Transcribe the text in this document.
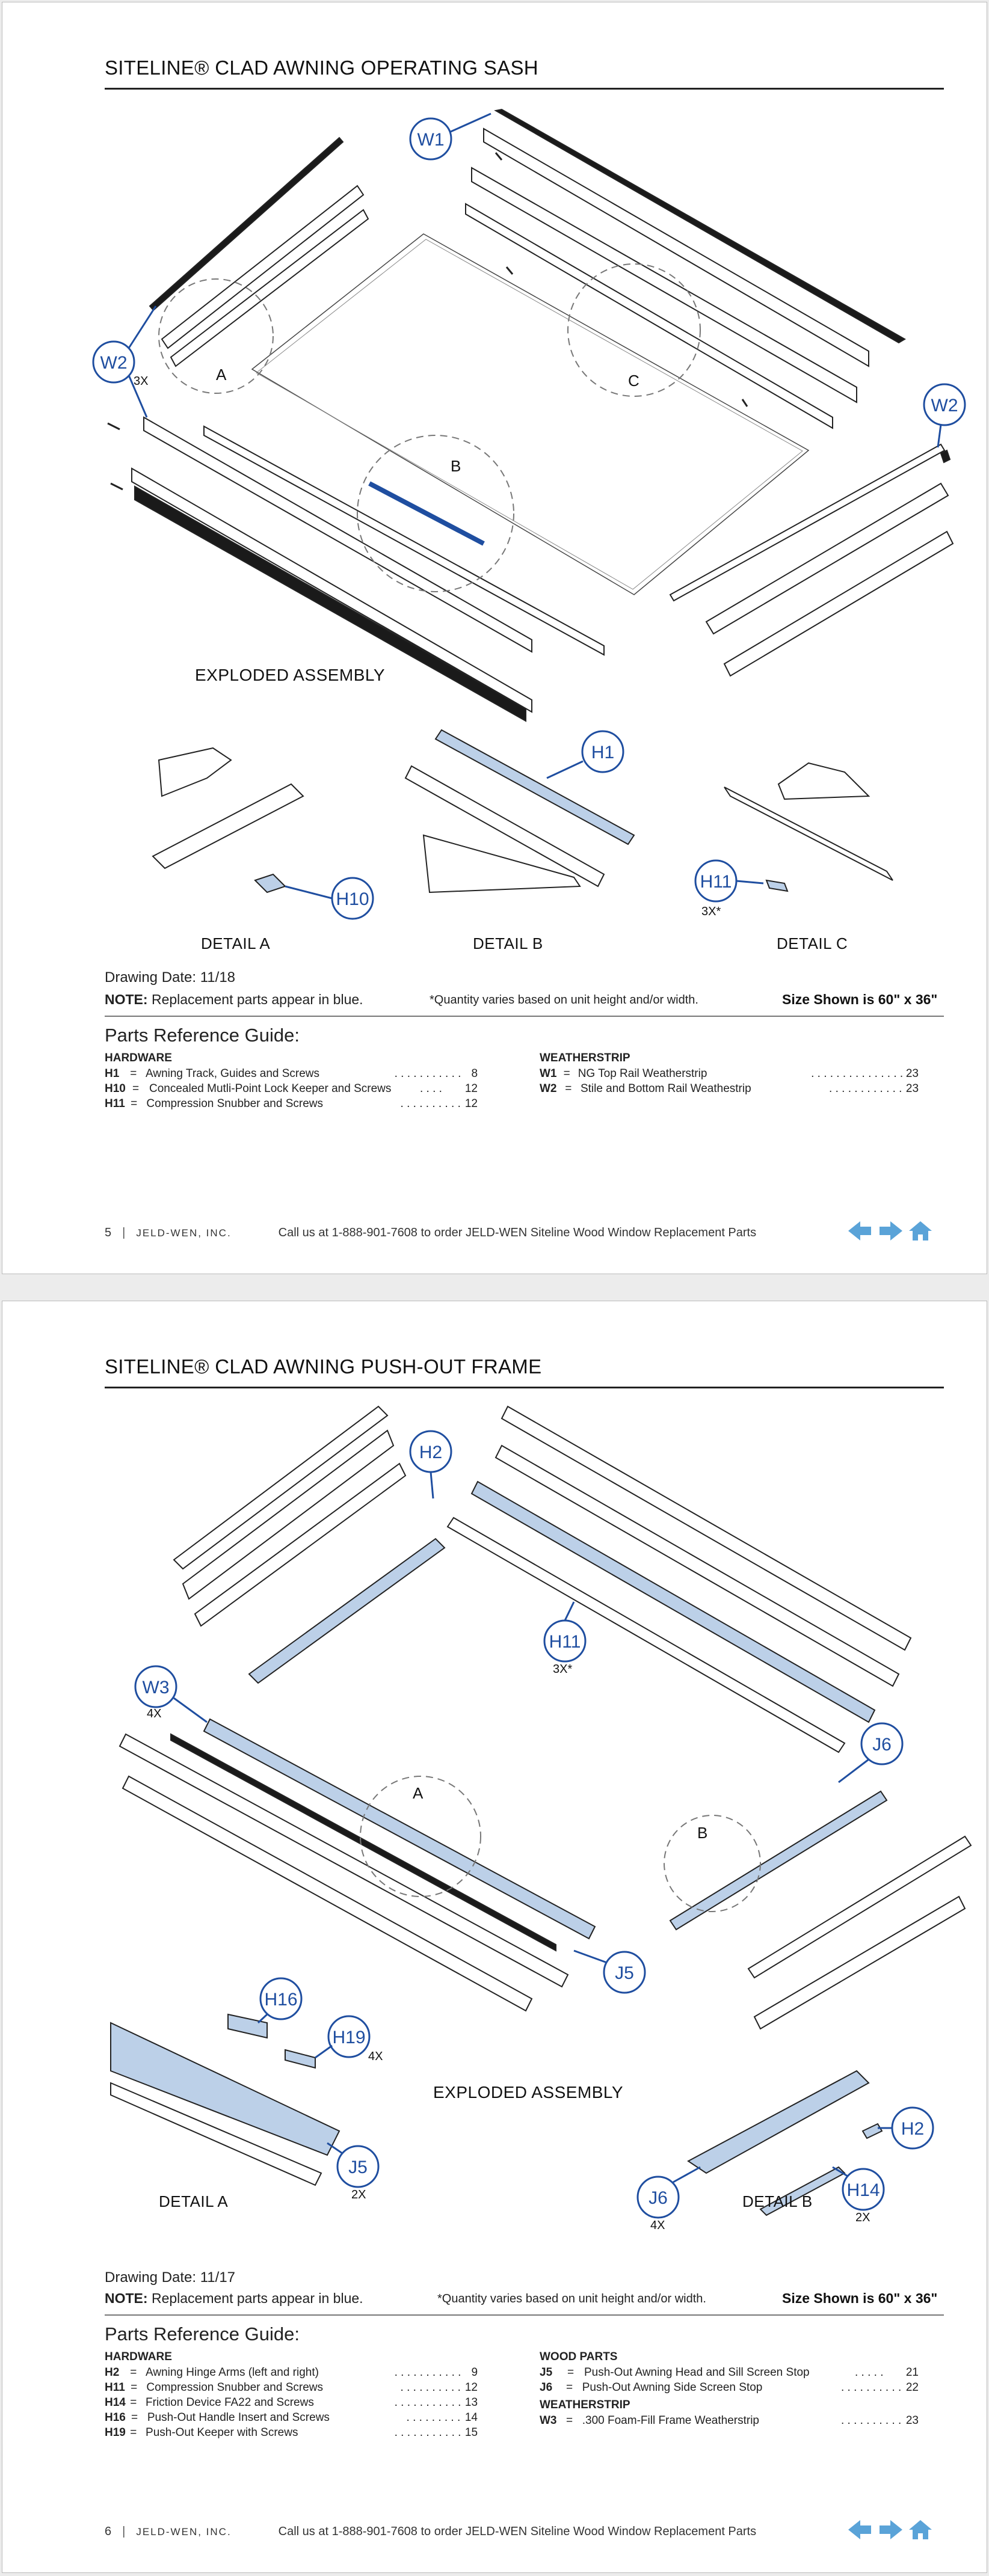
SITELINE® CLAD AWNING OPERATING SASH
A
B
C
W1
W2
W2
H1
H10
H11
3X
3X*
EXPLODED ASSEMBLY
DETAIL A	DETAIL B	DETAIL C
Drawing Date: 11/18
NOTE: Replacement parts appear in blue.	*Quantity varies based on unit height and/or width.	Size Shown is 60" x 36"
Parts Reference Guide:
HARDWARE
H1 = Awning Track, Guides and Screws	. . . . . . . . . . . 8
H10 = Concealed Mutli-Point Lock Keeper and Screws	. . . .	12
H11 = Compression Snubber and Screws	. . . . . . . . . . 12
WEATHERSTRIP
W1 = NG Top Rail Weatherstrip	. . . . . . . . . . . . . . . 23
W2 = Stile and Bottom Rail Weathestrip	. . . . . . . . . . . . 23
5 | JELD-WEN, INC.	Call us at 1-888-901-7608 to order JELD-WEN Siteline Wood Window Replacement Parts
SITELINE® CLAD AWNING PUSH-OUT FRAME
A
B
H2
H11
W3
J6
J5
H16
H19
J5
H2
H14
J6
3X*
4X
4X
2X
2X
4X
EXPLODED ASSEMBLY
DETAIL A	DETAIL B
Drawing Date: 11/17
NOTE: Replacement parts appear in blue.	*Quantity varies based on unit height and/or width.	Size Shown is 60" x 36"
Parts Reference Guide:
HARDWARE
H2 = Awning Hinge Arms (left and right)	. . . . . . . . . . . 9
H11 = Compression Snubber and Screws	. . . . . . . . . . 12
H14 = Friction Device FA22 and Screws	. . . . . . . . . . . 13
H16 = Push-Out Handle Insert and Screws	. . . . . . . . . 14
H19 = Push-Out Keeper with Screws	. . . . . . . . . . . 15
WOOD PARTS
J5	= Push-Out Awning Head and Sill Screen Stop	. . . . .	21
J6	= Push-Out Awning Side Screen Stop	. . . . . . . . . . 22
WEATHERSTRIP
W3 = .300 Foam-Fill Frame Weatherstrip	. . . . . . . . . . 23
6 | JELD-WEN, INC.	Call us at 1-888-901-7608 to order JELD-WEN Siteline Wood Window Replacement Parts
